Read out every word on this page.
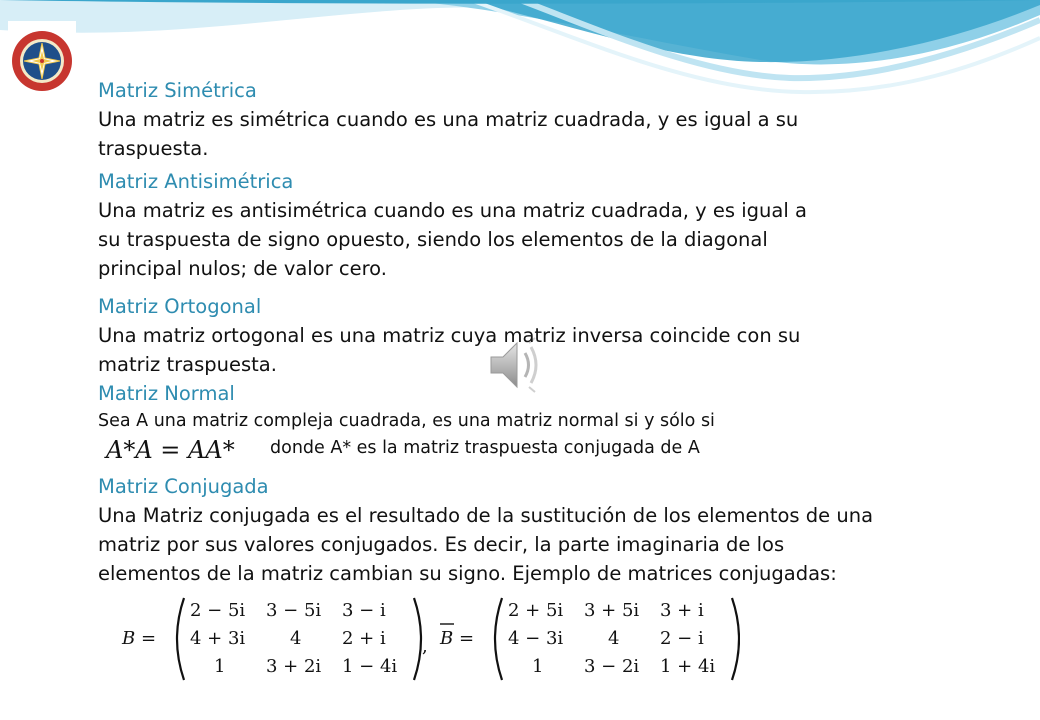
Matriz Simétrica
Una matriz es simétrica cuando es una matriz cuadrada, y es igual a su
traspuesta.
Matriz Antisimétrica
Una matriz es antisimétrica cuando es una matriz cuadrada, y es igual a
su traspuesta de signo opuesto, siendo los elementos de la diagonal
principal nulos; de valor cero.
Matriz Ortogonal
Una matriz ortogonal es una matriz cuya matriz inversa coincide con su
matriz traspuesta.
Matriz Normal
Sea A una matriz compleja cuadrada, es una matriz normal si y sólo si
A*A = AA* donde A* es la matriz traspuesta conjugada de A
Matriz Conjugada
Una Matriz conjugada es el resultado de la sustitución de los elementos de una
matriz por sus valores conjugados. Es decir, la parte imaginaria de los
elementos de la matriz cambian su signo. Ejemplo de matrices conjugadas:
B =
2 − 5i 3 − 5i 3 − i
4 + 3i 4 2 + i
1 3 + 2i 1 − 4i
, B =
2 + 5i 3 + 5i 3 + i
4 − 3i 4 2 − i
1 3 − 2i 1 + 4i
